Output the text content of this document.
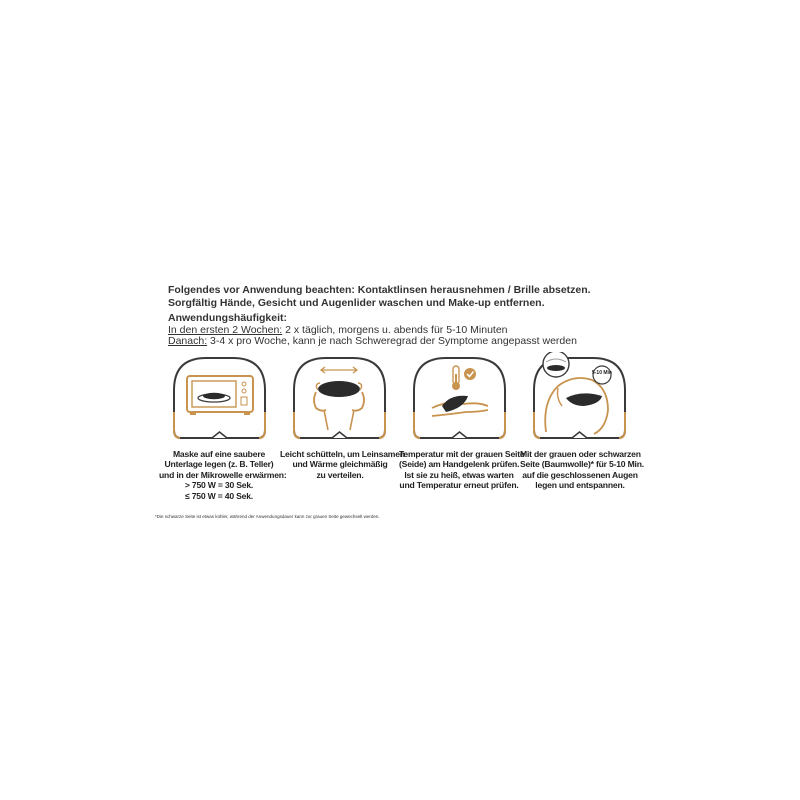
Folgendes vor Anwendung beachten: Kontaktlinsen herausnehmen / Brille absetzen.

Sorgfältig Hände, Gesicht und Augenlider waschen und Make-up entfernen.

Anwendungshäufigkeit:
In den ersten 2 Wochen: 2 x täglich, morgens u. abends für 5-10 Minuten
Danach: 3-4 x pro Woche, kann je nach Schweregrad der Symptome angepasst werden
5-10 Min
Maske auf eine saubere
Unterlage legen (z. B. Teller)
und in der Mikrowelle erwärmen:
> 750 W = 30 Sek.
≤ 750 W = 40 Sek.
Leicht schütteln, um Leinsamen
und Wärme gleichmäßig
zu verteilen.
Temperatur mit der grauen Seite
(Seide) am Handgelenk prüfen.
Ist sie zu heiß, etwas warten
und Temperatur erneut prüfen.
Mit der grauen oder schwarzen
Seite (Baumwolle)* für 5-10 Min.
auf die geschlossenen Augen
legen und entspannen.
*Die schwarze Seite ist etwas kühler, während der Anwendungsdauer kann zur grauen Seite gewechselt werden.
